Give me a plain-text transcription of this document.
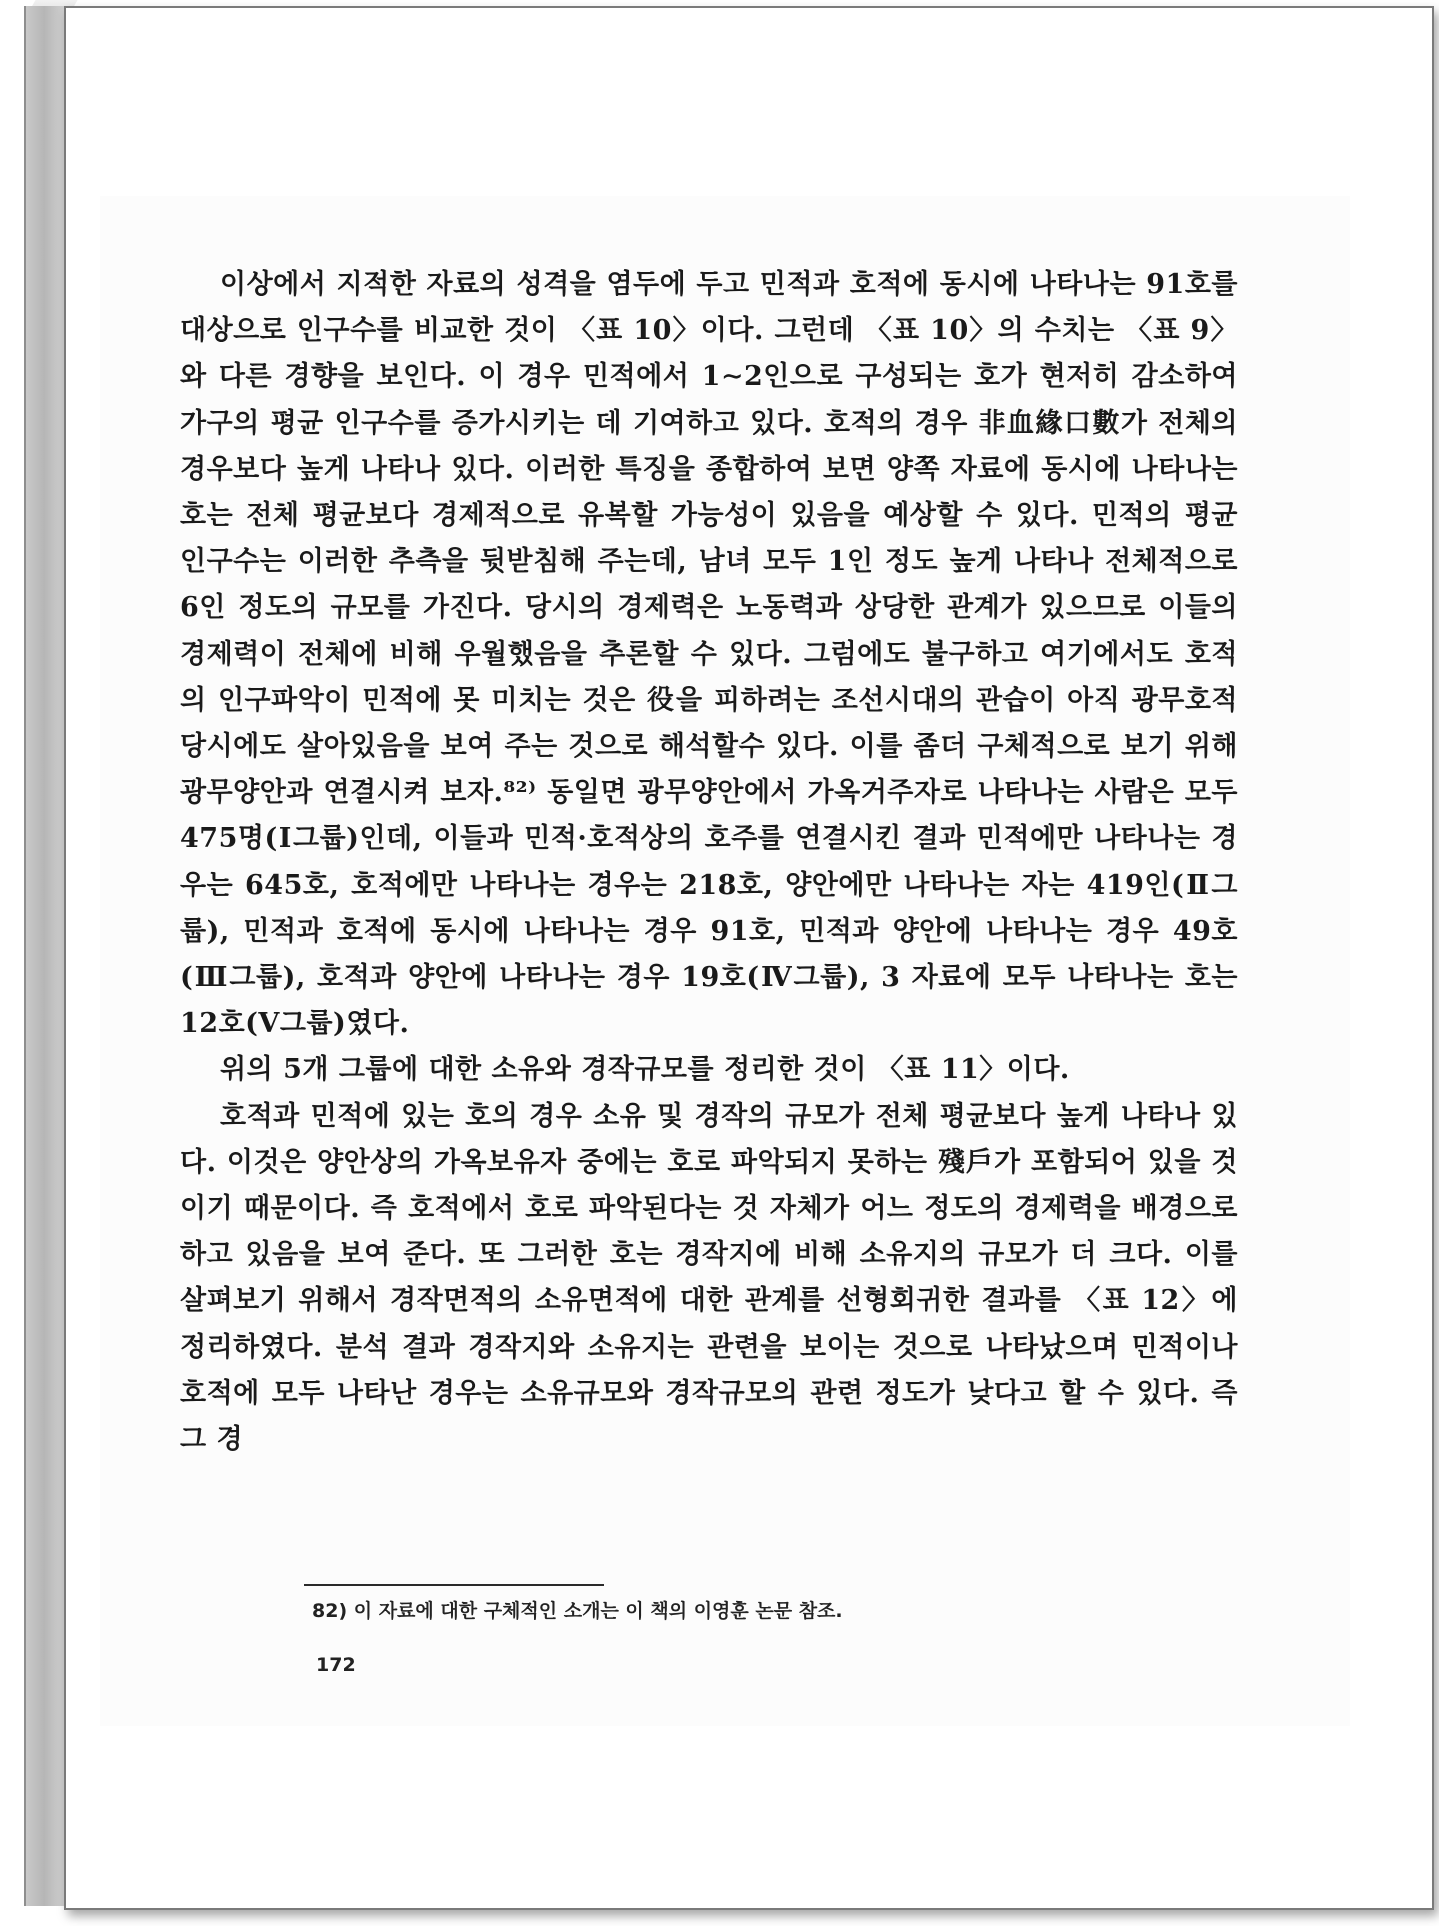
이상에서 지적한 자료의 성격을 염두에 두고 민적과 호적에 동시에 나타나는 91호를 대상으로 인구수를 비교한 것이 〈표 10〉이다. 그런데 〈표 10〉의 수치는 〈표 9〉와 다른 경향을 보인다. 이 경우 민적에서 1∼2인으로 구성되는 호가 현저히 감소하여 가구의 평균 인구수를 증가시키는 데 기여하고 있다. 호적의 경우 非血緣口數가 전체의 경우보다 높게 나타나 있다. 이러한 특징을 종합하여 보면 양쪽 자료에 동시에 나타나는 호는 전체 평균보다 경제적으로 유복할 가능성이 있음을 예상할 수 있다. 민적의 평균 인구수는 이러한 추측을 뒷받침해 주는데, 남녀 모두 1인 정도 높게 나타나 전체적으로 6인 정도의 규모를 가진다. 당시의 경제력은 노동력과 상당한 관계가 있으므로 이들의 경제력이 전체에 비해 우월했음을 추론할 수 있다. 그럼에도 불구하고 여기에서도 호적의 인구파악이 민적에 못 미치는 것은 役을 피하려는 조선시대의 관습이 아직 광무호적 당시에도 살아있음을 보여 주는 것으로 해석할수 있다. 이를 좀더 구체적으로 보기 위해 광무양안과 연결시켜 보자.⁸²⁾ 동일면 광무양안에서 가옥거주자로 나타나는 사람은 모두 475명(Ⅰ그룹)인데, 이들과 민적·호적상의 호주를 연결시킨 결과 민적에만 나타나는 경우는 645호, 호적에만 나타나는 경우는 218호, 양안에만 나타나는 자는 419인(Ⅱ그룹), 민적과 호적에 동시에 나타나는 경우 91호, 민적과 양안에 나타나는 경우 49호(Ⅲ그룹), 호적과 양안에 나타나는 경우 19호(Ⅳ그룹), 3 자료에 모두 나타나는 호는 12호(Ⅴ그룹)였다.

위의 5개 그룹에 대한 소유와 경작규모를 정리한 것이 〈표 11〉이다.

호적과 민적에 있는 호의 경우 소유 및 경작의 규모가 전체 평균보다 높게 나타나 있다. 이것은 양안상의 가옥보유자 중에는 호로 파악되지 못하는 殘戶가 포함되어 있을 것이기 때문이다. 즉 호적에서 호로 파악된다는 것 자체가 어느 정도의 경제력을 배경으로 하고 있음을 보여 준다. 또 그러한 호는 경작지에 비해 소유지의 규모가 더 크다. 이를 살펴보기 위해서 경작면적의 소유면적에 대한 관계를 선형회귀한 결과를 〈표 12〉에 정리하였다. 분석 결과 경작지와 소유지는 관련을 보이는 것으로 나타났으며 민적이나 호적에 모두 나타난 경우는 소유규모와 경작규모의 관련 정도가 낮다고 할 수 있다. 즉 그 경

82) 이 자료에 대한 구체적인 소개는 이 책의 이영훈 논문 참조.
172
